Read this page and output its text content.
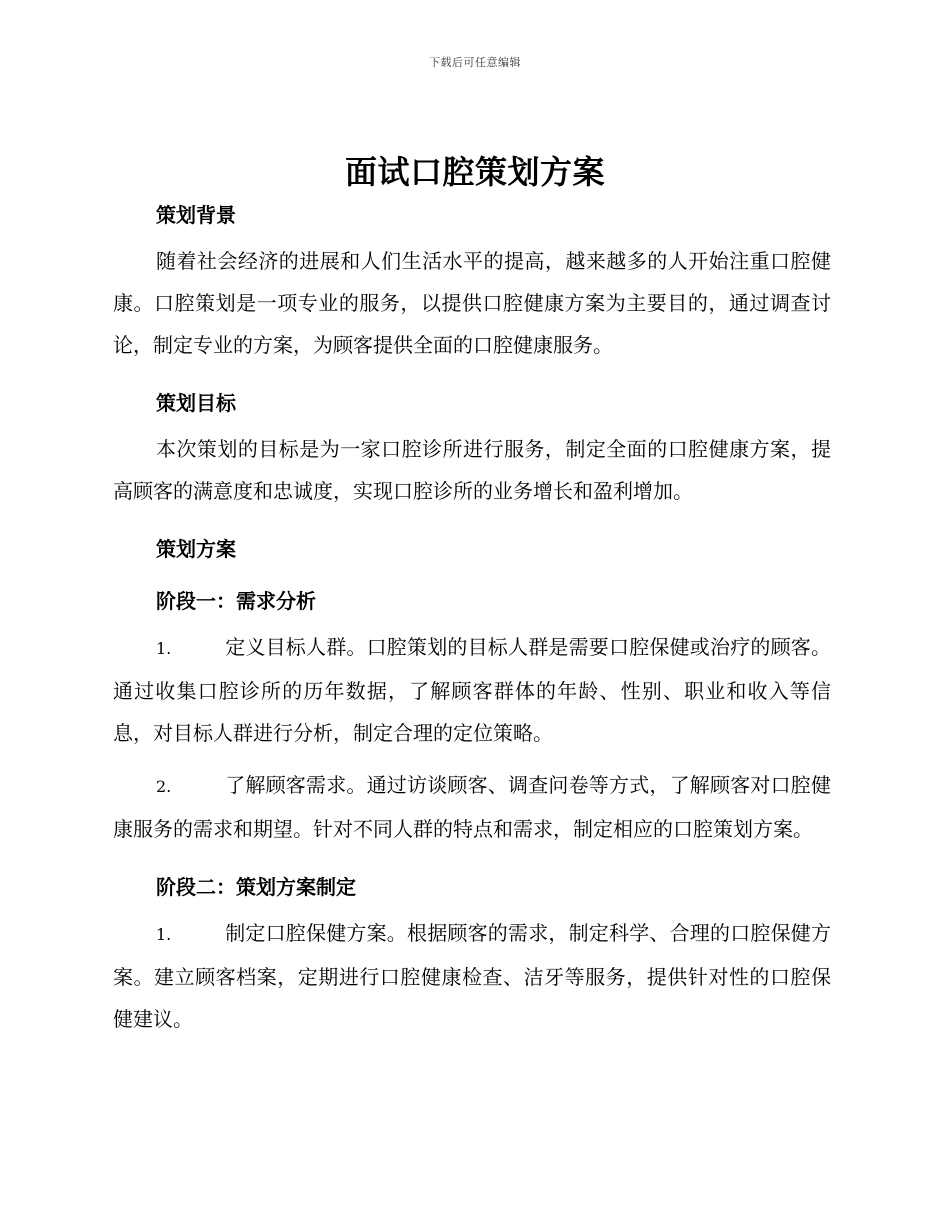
下载后可任意编辑
面试口腔策划方案
策划背景

随着社会经济的进展和人们生活水平的提高，越来越多的人开始注重口腔健康。口腔策划是一项专业的服务，以提供口腔健康方案为主要目的，通过调查讨论，制定专业的方案，为顾客提供全面的口腔健康服务。

策划目标

本次策划的目标是为一家口腔诊所进行服务，制定全面的口腔健康方案，提高顾客的满意度和忠诚度，实现口腔诊所的业务增长和盈利增加。

策划方案
阶段一：需求分析

1.	定义目标人群。口腔策划的目标人群是需要口腔保健或治疗的顾客。通过收集口腔诊所的历年数据，了解顾客群体的年龄、性别、职业和收入等信息，对目标人群进行分析，制定合理的定位策略。

2.	了解顾客需求。通过访谈顾客、调查问卷等方式，了解顾客对口腔健康服务的需求和期望。针对不同人群的特点和需求，制定相应的口腔策划方案。

阶段二：策划方案制定

1.	制定口腔保健方案。根据顾客的需求，制定科学、合理的口腔保健方案。建立顾客档案，定期进行口腔健康检查、洁牙等服务，提供针对性的口腔保健建议。
